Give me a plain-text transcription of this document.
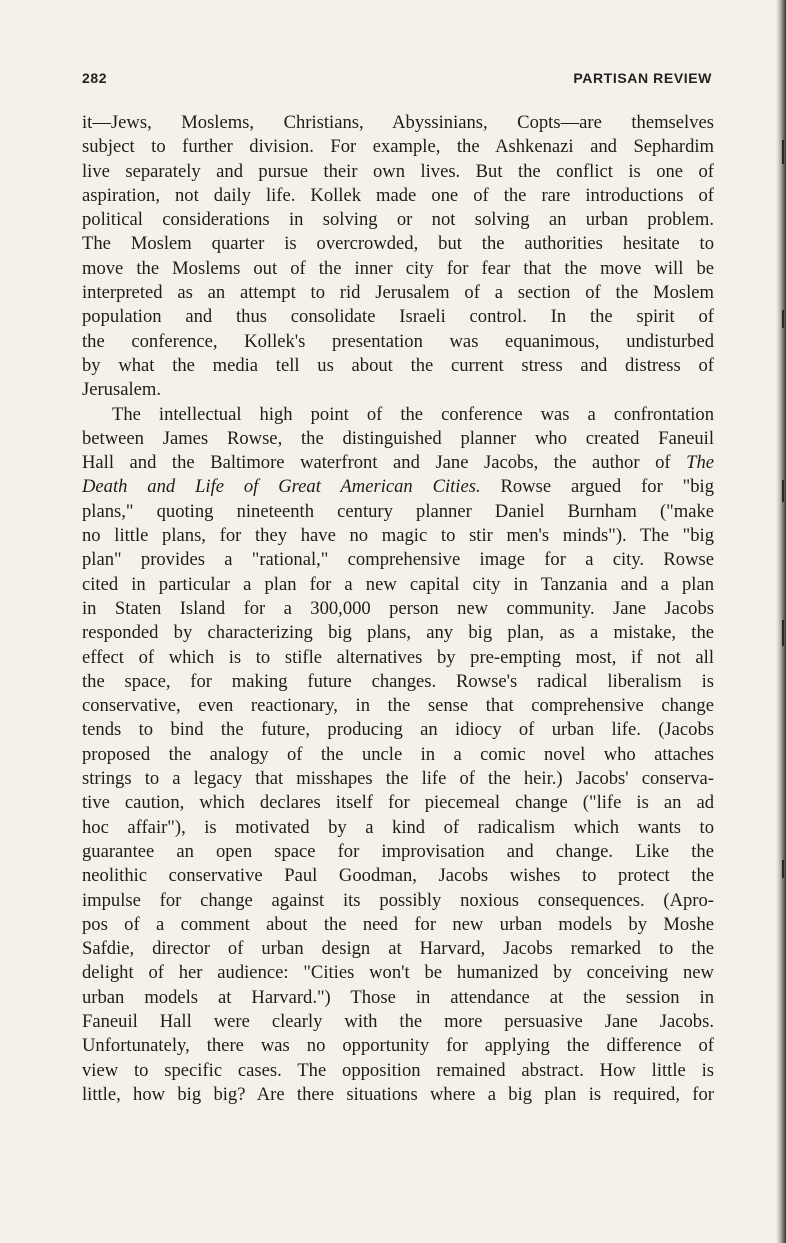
282	PARTISAN REVIEW
it—Jews, Moslems, Christians, Abyssinians, Copts—are themselves
subject to further division. For example, the Ashkenazi and Sephardim
live separately and pursue their own lives. But the conflict is one of
aspiration, not daily life. Kollek made one of the rare introductions of
political considerations in solving or not solving an urban problem.
The Moslem quarter is overcrowded, but the authorities hesitate to
move the Moslems out of the inner city for fear that the move will be
interpreted as an attempt to rid Jerusalem of a section of the Moslem
population and thus consolidate Israeli control. In the spirit of
the conference, Kollek's presentation was equanimous, undisturbed
by what the media tell us about the current stress and distress of
Jerusalem.
The intellectual high point of the conference was a confrontation
between James Rowse, the distinguished planner who created Faneuil
Hall and the Baltimore waterfront and Jane Jacobs, the author of The
Death and Life of Great American Cities. Rowse argued for "big
plans," quoting nineteenth century planner Daniel Burnham ("make
no little plans, for they have no magic to stir men's minds"). The "big
plan" provides a "rational," comprehensive image for a city. Rowse
cited in particular a plan for a new capital city in Tanzania and a plan
in Staten Island for a 300,000 person new community. Jane Jacobs
responded by characterizing big plans, any big plan, as a mistake, the
effect of which is to stifle alternatives by pre-empting most, if not all
the space, for making future changes. Rowse's radical liberalism is
conservative, even reactionary, in the sense that comprehensive change
tends to bind the future, producing an idiocy of urban life. (Jacobs
proposed the analogy of the uncle in a comic novel who attaches
strings to a legacy that misshapes the life of the heir.) Jacobs' conserva-
tive caution, which declares itself for piecemeal change ("life is an ad
hoc affair"), is motivated by a kind of radicalism which wants to
guarantee an open space for improvisation and change. Like the
neolithic conservative Paul Goodman, Jacobs wishes to protect the
impulse for change against its possibly noxious consequences. (Apro-
pos of a comment about the need for new urban models by Moshe
Safdie, director of urban design at Harvard, Jacobs remarked to the
delight of her audience: "Cities won't be humanized by conceiving new
urban models at Harvard.") Those in attendance at the session in
Faneuil Hall were clearly with the more persuasive Jane Jacobs.
Unfortunately, there was no opportunity for applying the difference of
view to specific cases. The opposition remained abstract. How little is
little, how big big? Are there situations where a big plan is required, for
